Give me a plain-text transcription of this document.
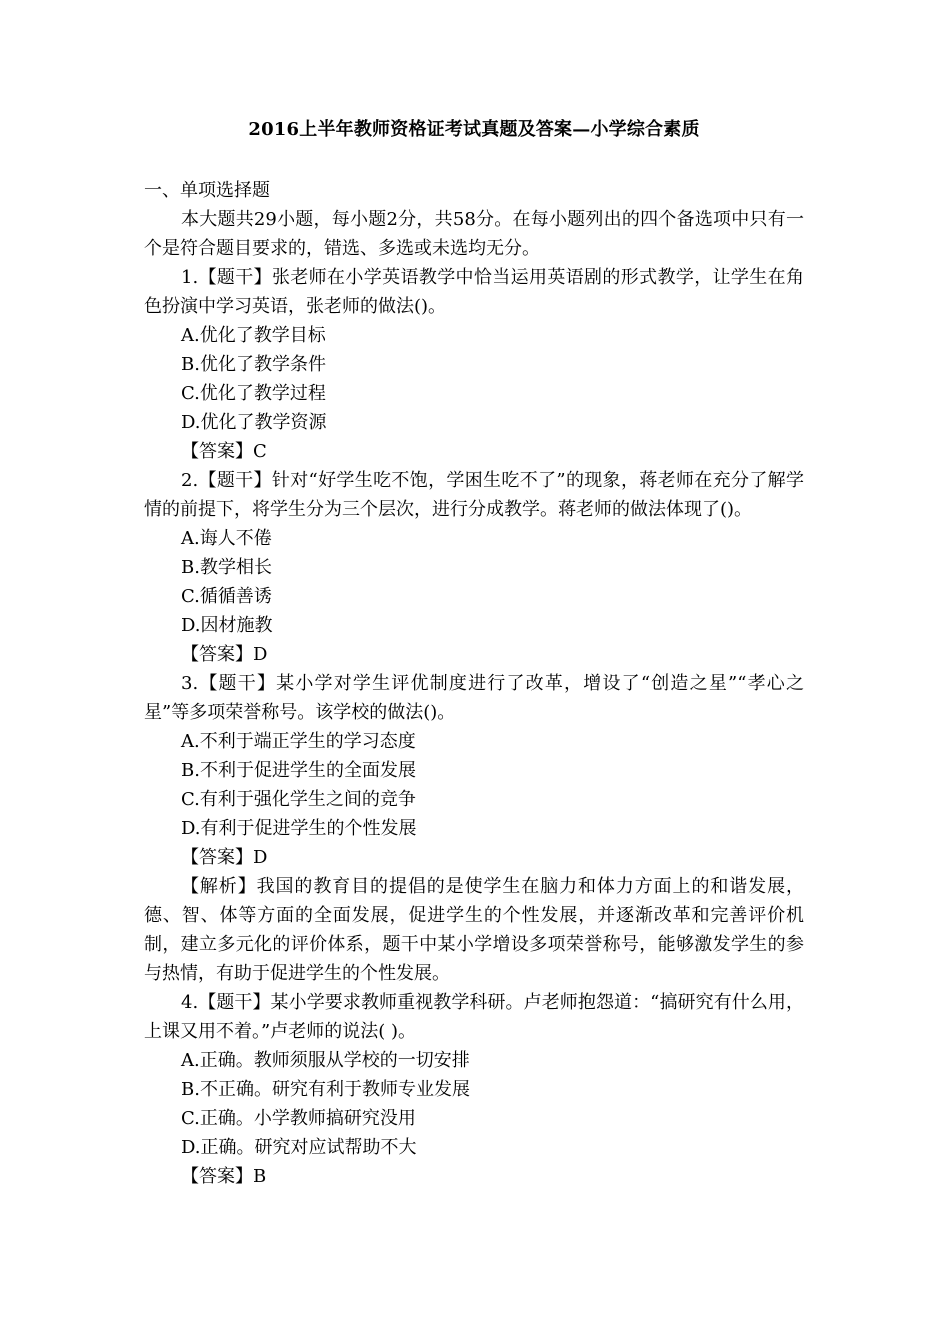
2016上半年教师资格证考试真题及答案—小学综合素质

一、单项选择题

本大题共29小题，每小题2分，共58分。在每小题列出的四个备选项中只有一个是符合题目要求的，错选、多选或未选均无分。

1.【题干】张老师在小学英语教学中恰当运用英语剧的形式教学，让学生在角色扮演中学习英语，张老师的做法()。

A.优化了教学目标

B.优化了教学条件

C.优化了教学过程

D.优化了教学资源

【答案】C

2.【题干】针对“好学生吃不饱，学困生吃不了”的现象，蒋老师在充分了解学情的前提下，将学生分为三个层次，进行分成教学。蒋老师的做法体现了()。

A.诲人不倦

B.教学相长

C.循循善诱

D.因材施教

【答案】D

3.【题干】某小学对学生评优制度进行了改革，增设了“创造之星”“孝心之星”等多项荣誉称号。该学校的做法()。

A.不利于端正学生的学习态度

B.不利于促进学生的全面发展

C.有利于强化学生之间的竞争

D.有利于促进学生的个性发展

【答案】D

【解析】我国的教育目的提倡的是使学生在脑力和体力方面上的和谐发展，德、智、体等方面的全面发展，促进学生的个性发展，并逐渐改革和完善评价机制，建立多元化的评价体系，题干中某小学增设多项荣誉称号，能够激发学生的参与热情，有助于促进学生的个性发展。

4.【题干】某小学要求教师重视教学科研。卢老师抱怨道：“搞研究有什么用，上课又用不着。”卢老师的说法( )。

A.正确。教师须服从学校的一切安排

B.不正确。研究有利于教师专业发展

C.正确。小学教师搞研究没用

D.正确。研究对应试帮助不大

【答案】B
